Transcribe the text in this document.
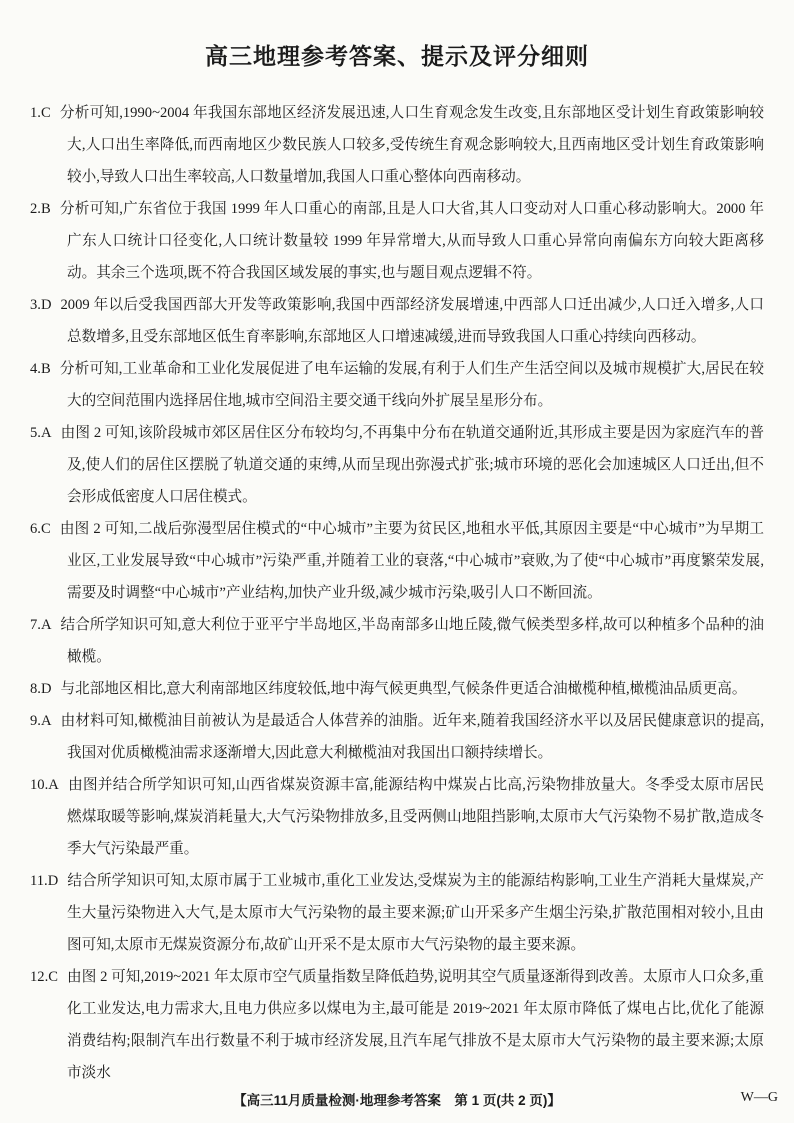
高三地理参考答案、提示及评分细则

1.C 分析可知,1990~2004 年我国东部地区经济发展迅速,人口生育观念发生改变,且东部地区受计划生育政策影响较大,人口出生率降低,而西南地区少数民族人口较多,受传统生育观念影响较大,且西南地区受计划生育政策影响较小,导致人口出生率较高,人口数量增加,我国人口重心整体向西南移动。

2.B 分析可知,广东省位于我国 1999 年人口重心的南部,且是人口大省,其人口变动对人口重心移动影响大。2000 年广东人口统计口径变化,人口统计数量较 1999 年异常增大,从而导致人口重心异常向南偏东方向较大距离移动。其余三个选项,既不符合我国区域发展的事实,也与题目观点逻辑不符。

3.D 2009 年以后受我国西部大开发等政策影响,我国中西部经济发展增速,中西部人口迁出减少,人口迁入增多,人口总数增多,且受东部地区低生育率影响,东部地区人口增速减缓,进而导致我国人口重心持续向西移动。

4.B 分析可知,工业革命和工业化发展促进了电车运输的发展,有利于人们生产生活空间以及城市规模扩大,居民在较大的空间范围内选择居住地,城市空间沿主要交通干线向外扩展呈星形分布。

5.A 由图 2 可知,该阶段城市郊区居住区分布较均匀,不再集中分布在轨道交通附近,其形成主要是因为家庭汽车的普及,使人们的居住区摆脱了轨道交通的束缚,从而呈现出弥漫式扩张;城市环境的恶化会加速城区人口迁出,但不会形成低密度人口居住模式。

6.C 由图 2 可知,二战后弥漫型居住模式的“中心城市”主要为贫民区,地租水平低,其原因主要是“中心城市”为早期工业区,工业发展导致“中心城市”污染严重,并随着工业的衰落,“中心城市”衰败,为了使“中心城市”再度繁荣发展,需要及时调整“中心城市”产业结构,加快产业升级,减少城市污染,吸引人口不断回流。

7.A 结合所学知识可知,意大利位于亚平宁半岛地区,半岛南部多山地丘陵,微气候类型多样,故可以种植多个品种的油橄榄。

8.D 与北部地区相比,意大利南部地区纬度较低,地中海气候更典型,气候条件更适合油橄榄种植,橄榄油品质更高。

9.A 由材料可知,橄榄油目前被认为是最适合人体营养的油脂。近年来,随着我国经济水平以及居民健康意识的提高,我国对优质橄榄油需求逐渐增大,因此意大利橄榄油对我国出口额持续增长。

10.A 由图并结合所学知识可知,山西省煤炭资源丰富,能源结构中煤炭占比高,污染物排放量大。冬季受太原市居民燃煤取暖等影响,煤炭消耗量大,大气污染物排放多,且受两侧山地阻挡影响,太原市大气污染物不易扩散,造成冬季大气污染最严重。

11.D 结合所学知识可知,太原市属于工业城市,重化工业发达,受煤炭为主的能源结构影响,工业生产消耗大量煤炭,产生大量污染物进入大气,是太原市大气污染物的最主要来源;矿山开采多产生烟尘污染,扩散范围相对较小,且由图可知,太原市无煤炭资源分布,故矿山开采不是太原市大气污染物的最主要来源。

12.C 由图 2 可知,2019~2021 年太原市空气质量指数呈降低趋势,说明其空气质量逐渐得到改善。太原市人口众多,重化工业发达,电力需求大,且电力供应多以煤电为主,最可能是 2019~2021 年太原市降低了煤电占比,优化了能源消费结构;限制汽车出行数量不利于城市经济发展,且汽车尾气排放不是太原市大气污染物的最主要来源;太原市淡水

【高三11月质量检测·地理参考答案　第 1 页(共 2 页)】	W—G
